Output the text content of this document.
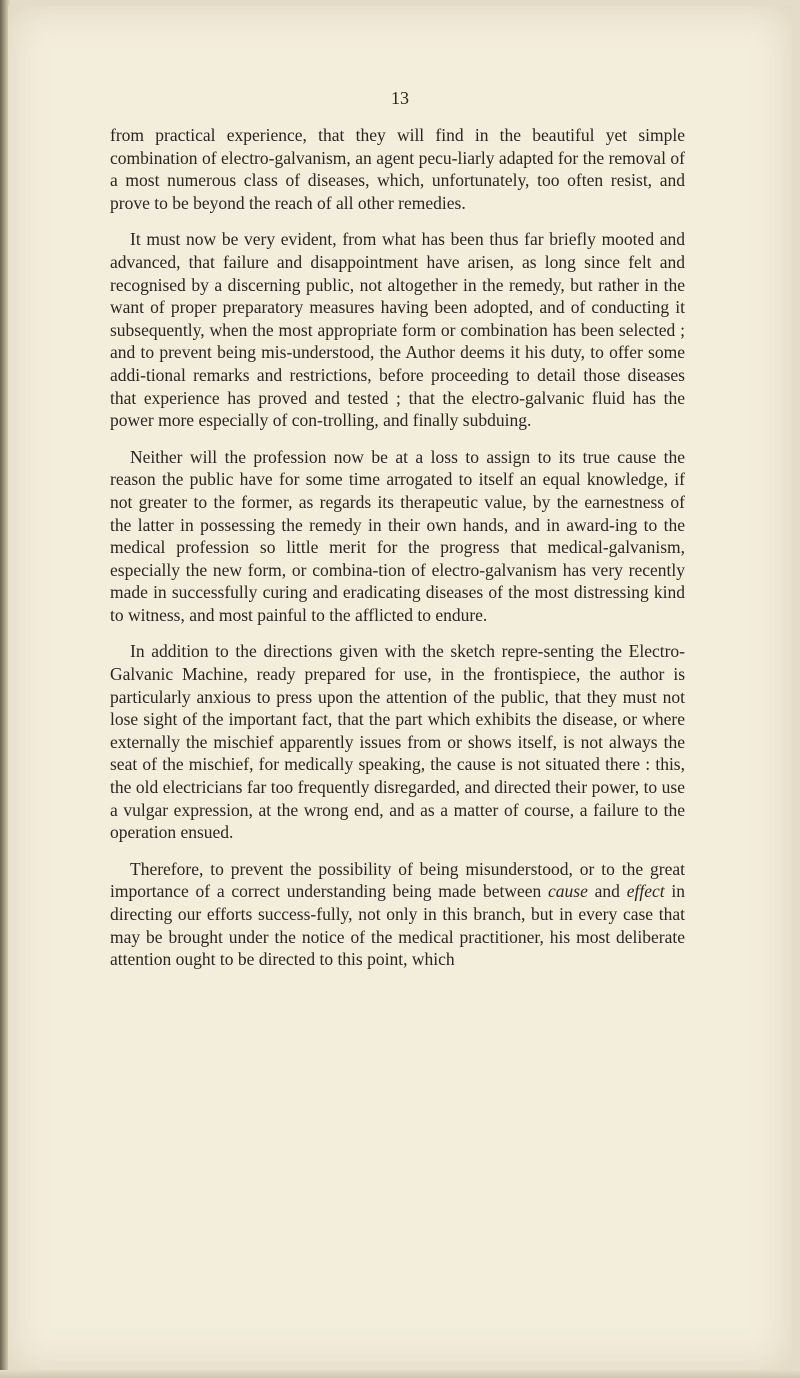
13

from practical experience, that they will find in the beautiful yet simple combination of electro-galvanism, an agent pecu-liarly adapted for the removal of a most numerous class of diseases, which, unfortunately, too often resist, and prove to be beyond the reach of all other remedies.

It must now be very evident, from what has been thus far briefly mooted and advanced, that failure and disappointment have arisen, as long since felt and recognised by a discerning public, not altogether in the remedy, but rather in the want of proper preparatory measures having been adopted, and of conducting it subsequently, when the most appropriate form or combination has been selected ; and to prevent being mis-understood, the Author deems it his duty, to offer some addi-tional remarks and restrictions, before proceeding to detail those diseases that experience has proved and tested ; that the electro-galvanic fluid has the power more especially of con-trolling, and finally subduing.

Neither will the profession now be at a loss to assign to its true cause the reason the public have for some time arrogated to itself an equal knowledge, if not greater to the former, as regards its therapeutic value, by the earnestness of the latter in possessing the remedy in their own hands, and in award-ing to the medical profession so little merit for the progress that medical-galvanism, especially the new form, or combina-tion of electro-galvanism has very recently made in successfully curing and eradicating diseases of the most distressing kind to witness, and most painful to the afflicted to endure.

In addition to the directions given with the sketch repre-senting the Electro-Galvanic Machine, ready prepared for use, in the frontispiece, the author is particularly anxious to press upon the attention of the public, that they must not lose sight of the important fact, that the part which exhibits the disease, or where externally the mischief apparently issues from or shows itself, is not always the seat of the mischief, for medically speaking, the cause is not situated there : this, the old electricians far too frequently disregarded, and directed their power, to use a vulgar expression, at the wrong end, and as a matter of course, a failure to the operation ensued.

Therefore, to prevent the possibility of being misunderstood, or to the great importance of a correct understanding being made between cause and effect in directing our efforts success-fully, not only in this branch, but in every case that may be brought under the notice of the medical practitioner, his most deliberate attention ought to be directed to this point, which
